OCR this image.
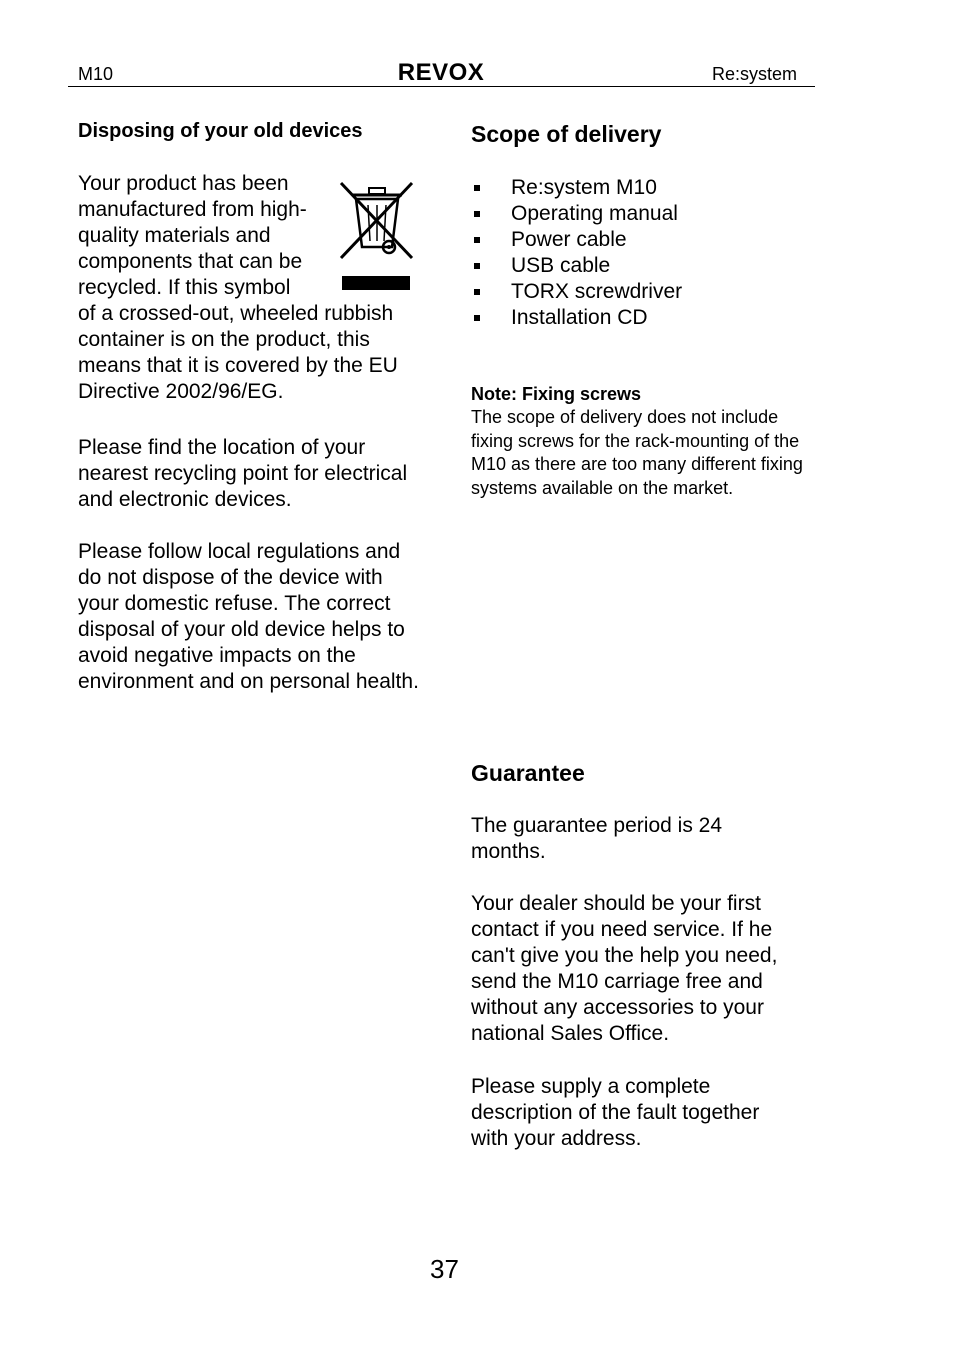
M10	REVOX	Re:system
Disposing of your old devices
Your product has been
manufactured from high-
quality materials and
components that can be
recycled. If this symbol
of a crossed-out, wheeled rubbish
container is on the product, this
means that it is covered by the EU
Directive 2002/96/EG.
Please find the location of your nearest recycling point for electrical and electronic devices.
Please follow local regulations and do not dispose of the device with your domestic refuse. The correct disposal of your old device helps to avoid negative impacts on the environment and on personal health.
Scope of delivery
Re:system M10
Operating manual
Power cable
USB cable
TORX screwdriver
Installation CD
Note: Fixing screws
The scope of delivery does not include fixing screws for the rack-mounting of the M10 as there are too many different fixing systems available on the market.
Guarantee
The guarantee period is 24 months.
Your dealer should be your first contact if you need service. If he can't give you the help you need, send the M10 carriage free and without any accessories to your national Sales Office.
Please supply a complete description of the fault together with your address.
37
